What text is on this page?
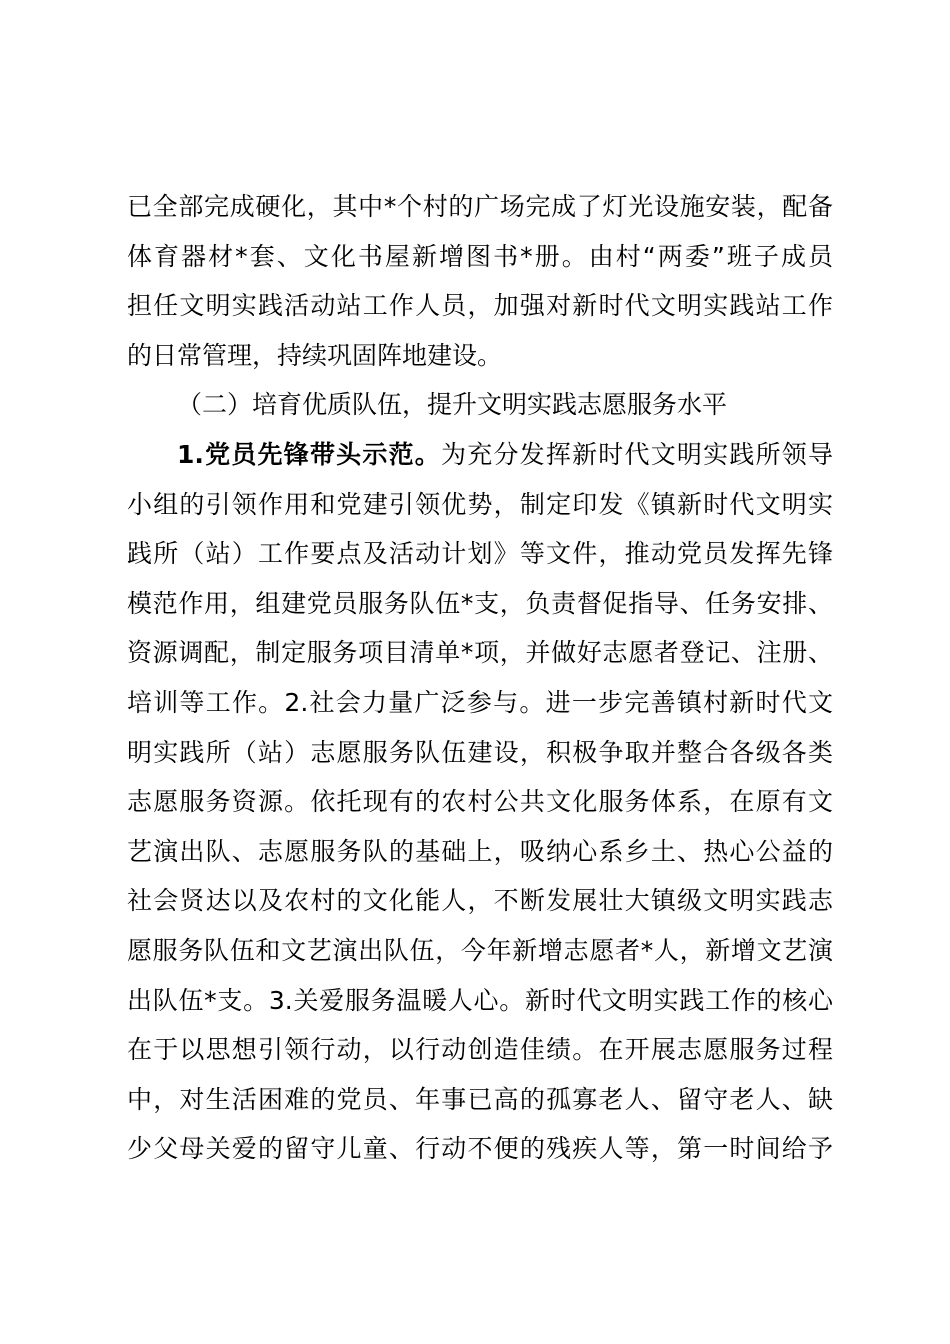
已全部完成硬化，其中*个村的广场完成了灯光设施安装，配备
体育器材*套、文化书屋新增图书*册。由村“两委”班子成员
担任文明实践活动站工作人员，加强对新时代文明实践站工作
的日常管理，持续巩固阵地建设。
（二）培育优质队伍，提升文明实践志愿服务水平
1.党员先锋带头示范。为充分发挥新时代文明实践所领导
小组的引领作用和党建引领优势，制定印发《镇新时代文明实
践所（站）工作要点及活动计划》等文件，推动党员发挥先锋
模范作用，组建党员服务队伍*支，负责督促指导、任务安排、
资源调配，制定服务项目清单*项，并做好志愿者登记、注册、
培训等工作。2.社会力量广泛参与。进一步完善镇村新时代文
明实践所（站）志愿服务队伍建设，积极争取并整合各级各类
志愿服务资源。依托现有的农村公共文化服务体系，在原有文
艺演出队、志愿服务队的基础上，吸纳心系乡土、热心公益的
社会贤达以及农村的文化能人，不断发展壮大镇级文明实践志
愿服务队伍和文艺演出队伍，今年新增志愿者*人，新增文艺演
出队伍*支。3.关爱服务温暖人心。新时代文明实践工作的核心
在于以思想引领行动，以行动创造佳绩。在开展志愿服务过程
中，对生活困难的党员、年事已高的孤寡老人、留守老人、缺
少父母关爱的留守儿童、行动不便的残疾人等，第一时间给予
